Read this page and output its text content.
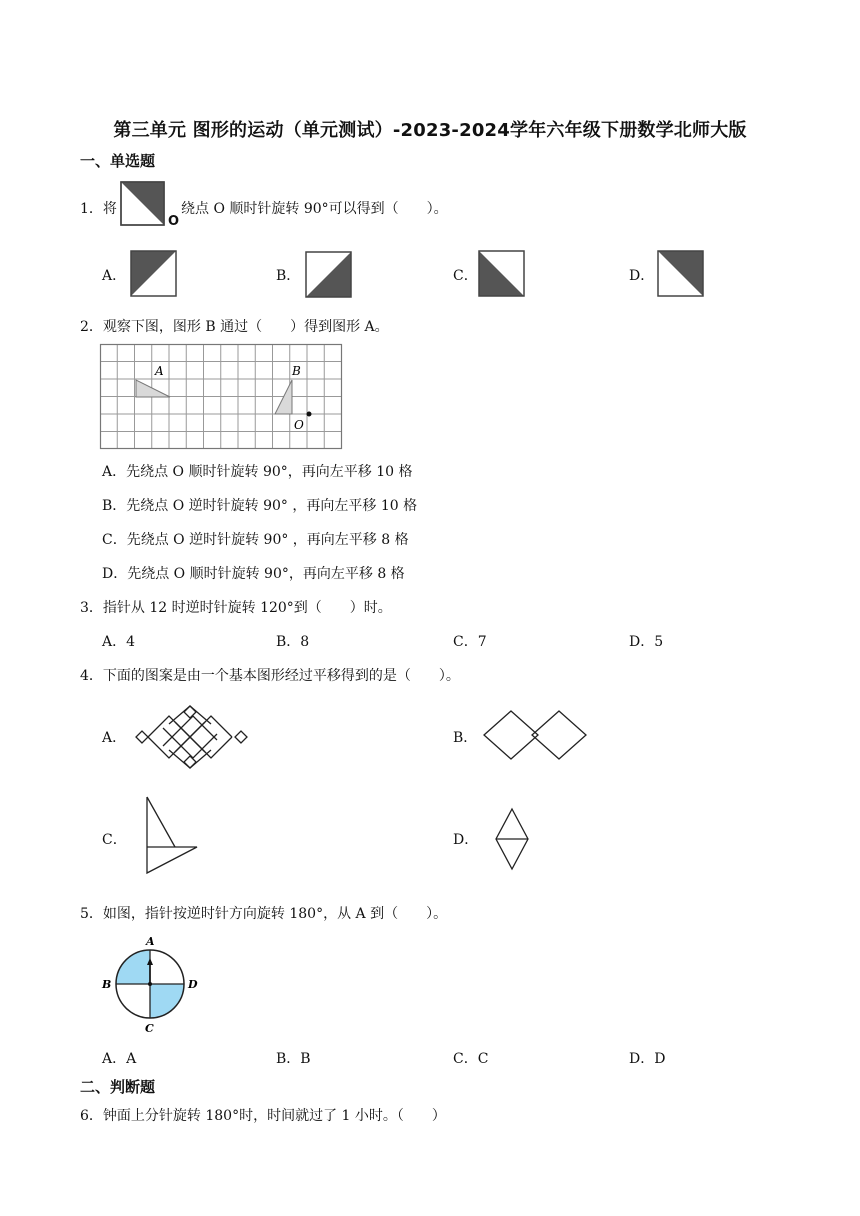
第三单元 图形的运动（单元测试）-2023-2024学年六年级下册数学北师大版
一、单选题
1．将
O
绕点 O 顺时针旋转 90°可以得到（　　）。
A．	B．	C．	D．
2．观察下图，图形 B 通过（　　）得到图形 A。
A	B
O
A．先绕点 O 顺时针旋转 90°，再向左平移 10 格
B．先绕点 O 逆时针旋转 90° ，再向左平移 10 格
C．先绕点 O 逆时针旋转 90° ，再向左平移 8 格
D．先绕点 O 顺时针旋转 90°，再向左平移 8 格
3．指针从 12 时逆时针旋转 120°到（　　）时。
A．4	B．8	C．7	D．5
4．下面的图案是由一个基本图形经过平移得到的是（　　）。
A．	B．
C．	D．
5．如图，指针按逆时针方向旋转 180°，从 A 到（　　）。
A
B	D
C
A．A	B．B	C．C	D．D
二、判断题
6．钟面上分针旋转 180°时，时间就过了 1 小时。（　　）
